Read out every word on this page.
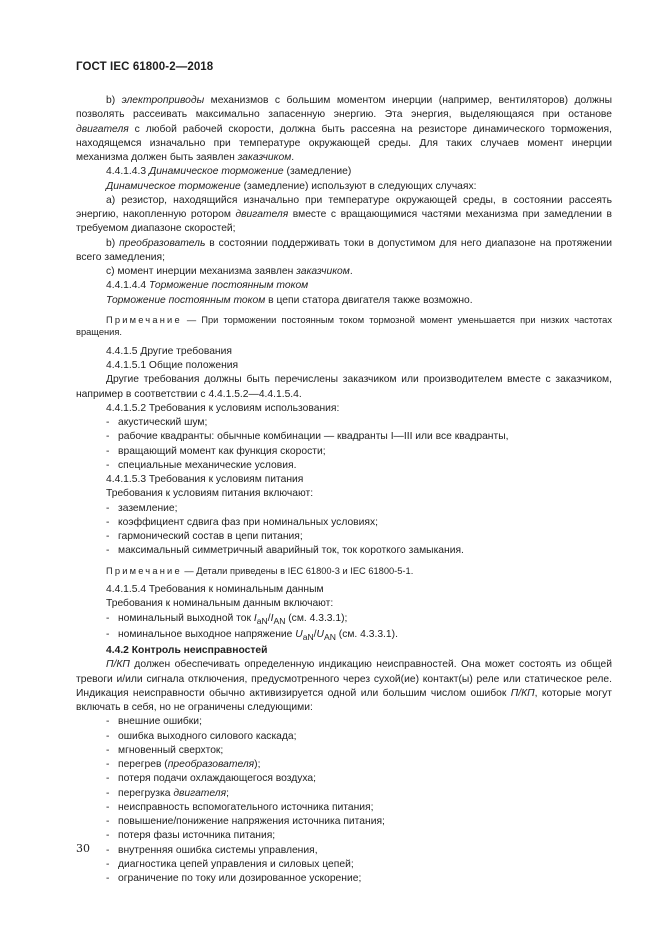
ГОСТ IEC 61800-2—2018

b) электроприводы механизмов с большим моментом инерции (например, вентиляторов) должны позволять рассеивать максимально запасенную энергию. Эта энергия, выделяющаяся при останове двигателя с любой рабочей скорости, должна быть рассеяна на резисторе динамического торможения, находящемся изначально при температуре окружающей среды. Для таких случаев момент инерции механизма должен быть заявлен заказчиком.

4.4.1.4.3 Динамическое торможение (замедление)

Динамическое торможение (замедление) используют в следующих случаях:

a) резистор, находящийся изначально при температуре окружающей среды, в состоянии рассеять энергию, накопленную ротором двигателя вместе с вращающимися частями механизма при замедлении в требуемом диапазоне скоростей;

b) преобразователь в состоянии поддерживать токи в допустимом для него диапазоне на протяжении всего замедления;

c) момент инерции механизма заявлен заказчиком.

4.4.1.4.4 Торможение постоянным током

Торможение постоянным током в цепи статора двигателя также возможно.

Примечание — При торможении постоянным током тормозной момент уменьшается при низких частотах вращения.

4.4.1.5 Другие требования

4.4.1.5.1 Общие положения

Другие требования должны быть перечислены заказчиком или производителем вместе с заказчиком, например в соответствии с 4.4.1.5.2—4.4.1.5.4.

4.4.1.5.2 Требования к условиям использования:

- акустический шум;

- рабочие квадранты: обычные комбинации — квадранты I—III или все квадранты,

- вращающий момент как функция скорости;

- специальные механические условия.

4.4.1.5.3 Требования к условиям питания

Требования к условиям питания включают:

- заземление;

- коэффициент сдвига фаз при номинальных условиях;

- гармонический состав в цепи питания;

- максимальный симметричный аварийный ток, ток короткого замыкания.

Примечание — Детали приведены в IEC 61800-3 и IEC 61800-5-1.

4.4.1.5.4 Требования к номинальным данным

Требования к номинальным данным включают:

- номинальный выходной ток $I_{aN}/I_{AN}$ (см. 4.3.3.1);

- номинальное выходное напряжение $U_{aN}/U_{AN}$ (см. 4.3.3.1).

4.4.2 Контроль неисправностей

П/КП должен обеспечивать определенную индикацию неисправностей. Она может состоять из общей тревоги и/или сигнала отключения, предусмотренного через сухой(ие) контакт(ы) реле или статическое реле. Индикация неисправности обычно активизируется одной или большим числом ошибок П/КП, которые могут включать в себя, но не ограничены следующими:

- внешние ошибки;

- ошибка выходного силового каскада;

- мгновенный сверхток;

- перегрев (преобразователя);

- потеря подачи охлаждающегося воздуха;

- перегрузка двигателя;

- неисправность вспомогательного источника питания;

- повышение/понижение напряжения источника питания;

- потеря фазы источника питания;

- внутренняя ошибка системы управления,

- диагностика цепей управления и силовых цепей;

- ограничение по току или дозированное ускорение;

30
